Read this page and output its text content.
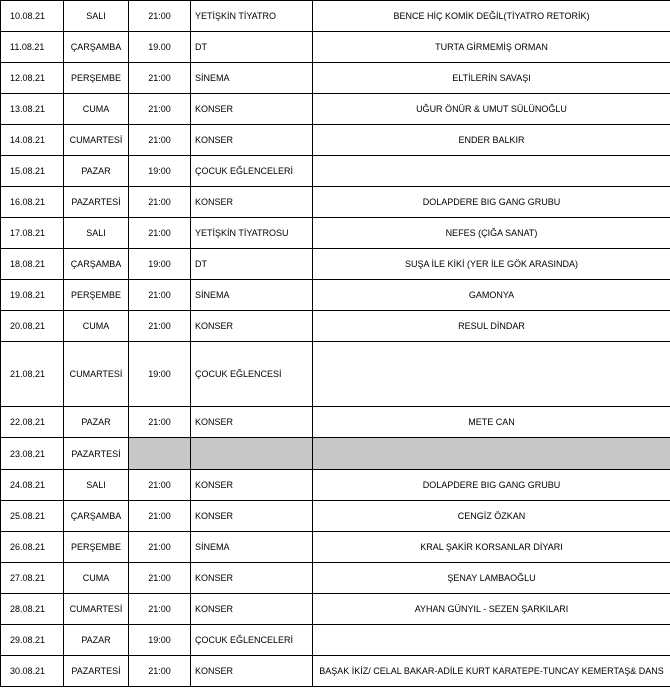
10.08.21	SALI	21:00	YETİŞKİN TİYATRO	BENCE HİÇ KOMİK DEĞİL(TİYATRO RETORİK)
11.08.21	ÇARŞAMBA	19.00	DT	TURTA GİRMEMİŞ ORMAN
12.08.21	PERŞEMBE	21:00	SİNEMA	ELTİLERİN SAVAŞI
13.08.21	CUMA	21:00	KONSER	UĞUR ÖNÜR & UMUT SÜLÜNOĞLU
14.08.21	CUMARTESİ	21:00	KONSER	ENDER BALKIR
15.08.21	PAZAR	19:00	ÇOCUK EĞLENCELERİ	
16.08.21	PAZARTESİ	21:00	KONSER	DOLAPDERE BIG GANG GRUBU
17.08.21	SALI	21:00	YETİŞKİN TİYATROSU	NEFES (ÇIĞA SANAT)
18.08.21	ÇARŞAMBA	19:00	DT	SUŞA İLE KİKİ (YER İLE GÖK ARASINDA)
19.08.21	PERŞEMBE	21:00	SİNEMA	GAMONYA
20.08.21	CUMA	21:00	KONSER	RESUL DİNDAR
21.08.21	CUMARTESİ	19:00	ÇOCUK EĞLENCESİ	
22.08.21	PAZAR	21:00	KONSER	METE CAN
23.08.21	PAZARTESİ			
24.08.21	SALI	21:00	KONSER	DOLAPDERE BIG GANG GRUBU
25.08.21	ÇARŞAMBA	21:00	KONSER	CENGİZ ÖZKAN
26.08.21	PERŞEMBE	21:00	SİNEMA	KRAL ŞAKİR KORSANLAR DİYARI
27.08.21	CUMA	21:00	KONSER	ŞENAY LAMBAOĞLU
28.08.21	CUMARTESİ	21:00	KONSER	AYHAN GÜNYIL - SEZEN ŞARKILARI
29.08.21	PAZAR	19:00	ÇOCUK EĞLENCELERİ	
30.08.21	PAZARTESİ	21:00	KONSER	BAŞAK İKİZ/ CELAL BAKAR-ADİLE KURT KARATEPE-TUNCAY KEMERTAŞ& DANS
